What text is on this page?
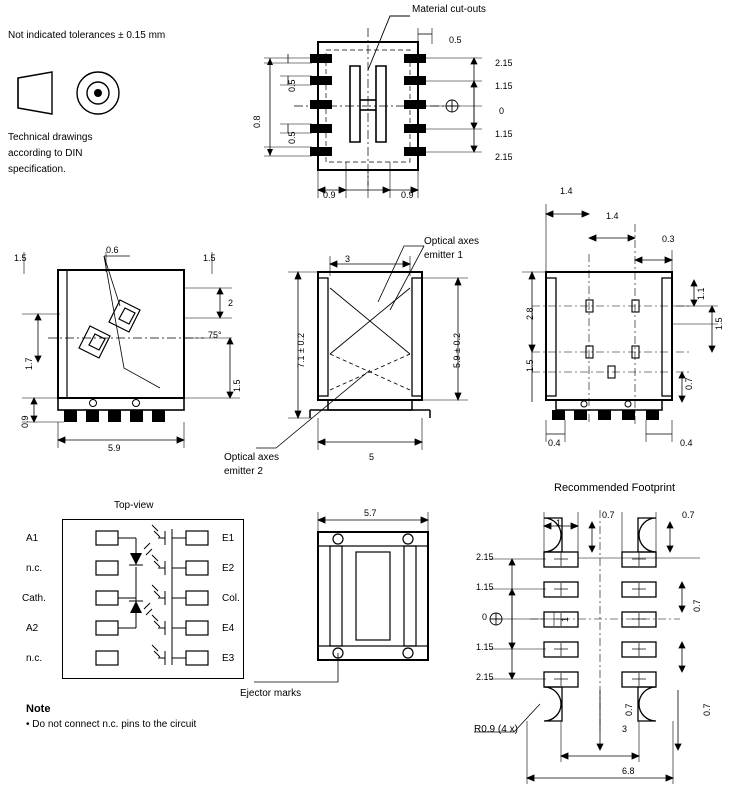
Not indicated tolerances ± 0.15 mm
Technical drawings
according to DIN
specification.
Material cut-outs
0.5
0.5
0.5
0.8
0.9	0.9
2.15
1.15
0
1.15
2.15
1.5
0.6
1.5
2
1.7
75°
1.5
0.9
5.9
Optical axes
emitter 1
Optical axes
emitter 2
3
7.1 ± 0.2	5.9 ± 0.2
5
1.4
1.4
0.3
2.8
1.5
0.7
1.1
1.5
0.4	0.4
Top-view
A1
n.c.
Cath.
A2
n.c.
E1
E2
Col.
E4
E3
Note
• Do not connect n.c. pins to the circuit
5.7
Ejector marks
Recommended Footprint
1
0.7	0.7
2.15
1.15
0
1.15
2.15
1
0.7
0.7	0.7
3
6.8
R0.9 (4 x)
